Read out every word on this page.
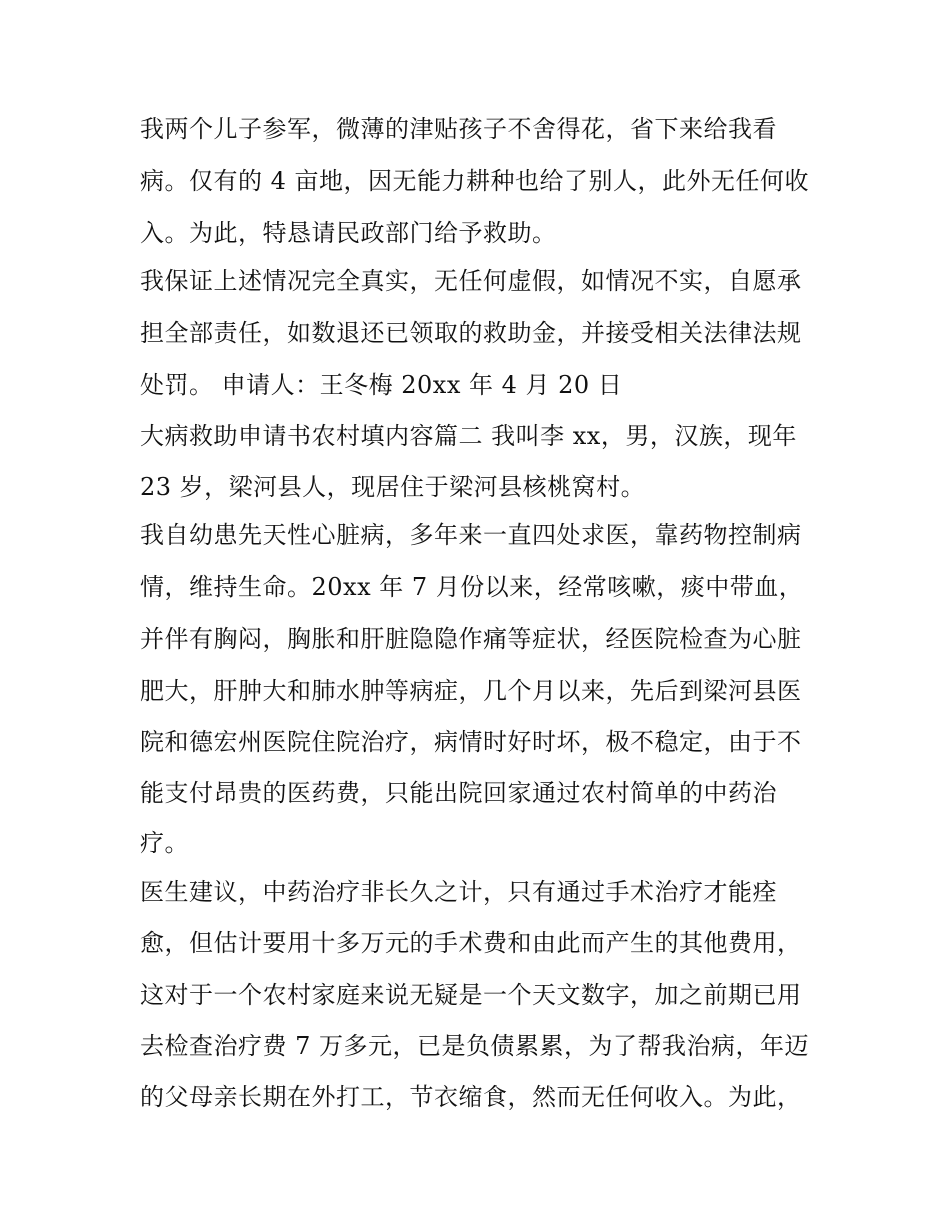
我两个儿子参军，微薄的津贴孩子不舍得花，省下来给我看
病。仅有的 4 亩地，因无能力耕种也给了别人，此外无任何收
入。为此，特恳请民政部门给予救助。
我保证上述情况完全真实，无任何虚假，如情况不实，自愿承
担全部责任，如数退还已领取的救助金，并接受相关法律法规
处罚。 申请人：王冬梅 20xx 年 4 月 20 日
大病救助申请书农村填内容篇二 我叫李 xx，男，汉族，现年
23 岁，梁河县人，现居住于梁河县核桃窝村。
我自幼患先天性心脏病，多年来一直四处求医，靠药物控制病
情，维持生命。20xx 年 7 月份以来，经常咳嗽，痰中带血，
并伴有胸闷，胸胀和肝脏隐隐作痛等症状，经医院检查为心脏
肥大，肝肿大和肺水肿等病症，几个月以来，先后到梁河县医
院和德宏州医院住院治疗，病情时好时坏，极不稳定，由于不
能支付昂贵的医药费，只能出院回家通过农村简单的中药治
疗。
医生建议，中药治疗非长久之计，只有通过手术治疗才能痊
愈，但估计要用十多万元的手术费和由此而产生的其他费用，
这对于一个农村家庭来说无疑是一个天文数字，加之前期已用
去检查治疗费 7 万多元，已是负债累累，为了帮我治病，年迈
的父母亲长期在外打工，节衣缩食，然而无任何收入。为此，
